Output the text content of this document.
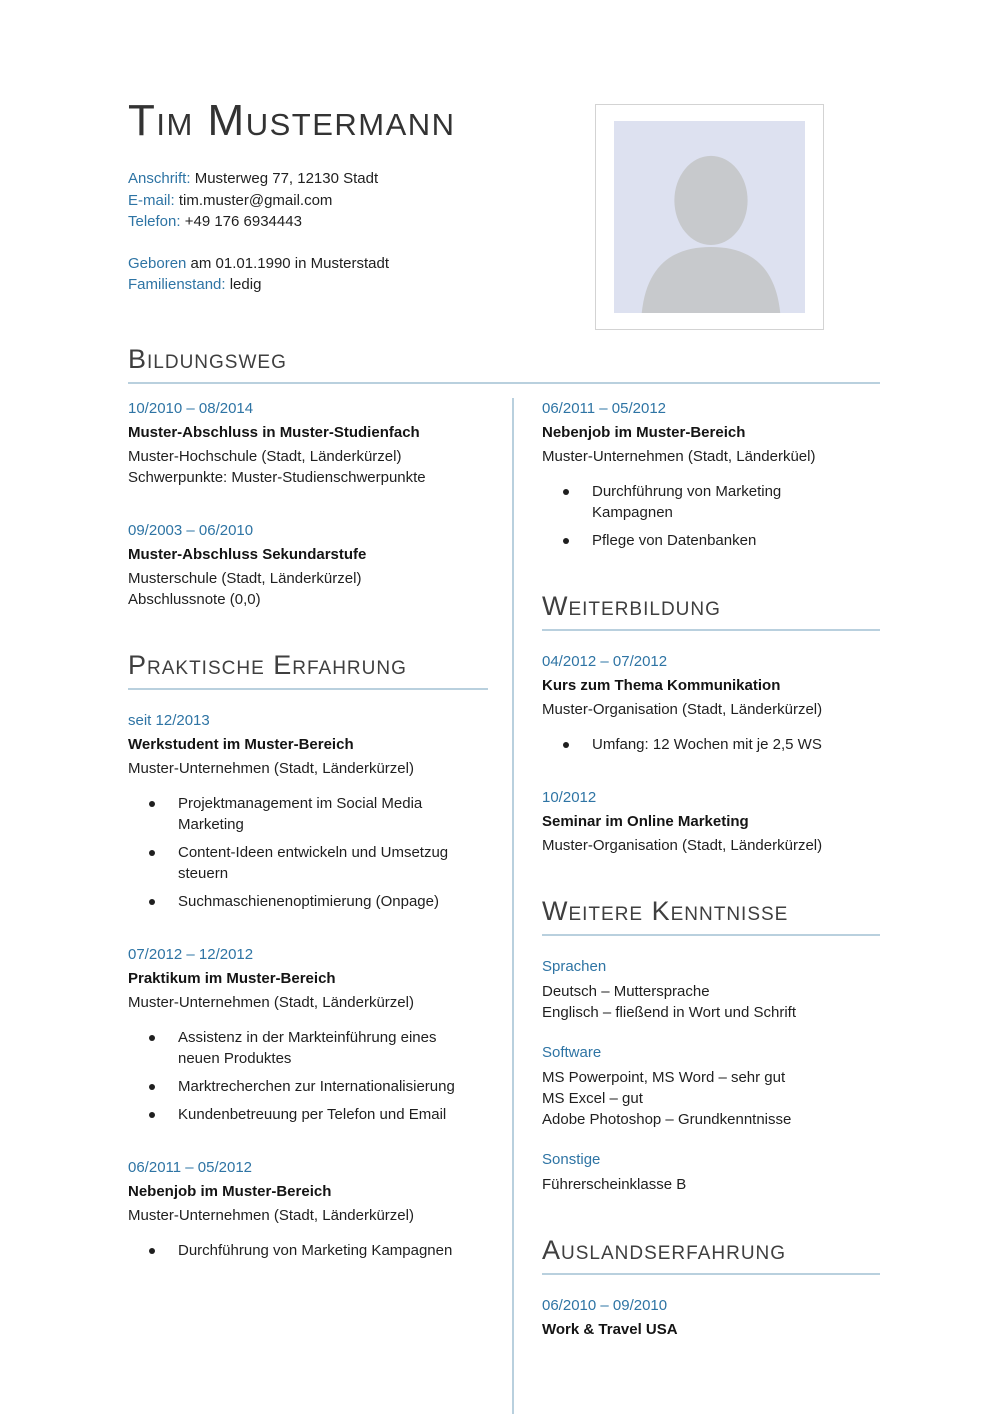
Tim Mustermann
Anschrift: Musterweg 77, 12130 Stadt
E-mail: tim.muster@gmail.com
Telefon: +49 176 6934443
Geboren am 01.01.1990 in Musterstadt
Familienstand: ledig
Bildungsweg
10/2010 – 08/2014
Muster-Abschluss in Muster-Studienfach
Muster-Hochschule (Stadt, Länderkürzel)
Schwerpunkte: Muster-Studienschwerpunkte
09/2003 – 06/2010
Muster-Abschluss Sekundarstufe
Musterschule (Stadt, Länderkürzel)
Abschlussnote (0,0)
Praktische Erfahrung
seit 12/2013
Werkstudent im Muster-Bereich
Muster-Unternehmen (Stadt, Länderkürzel)
Projektmanagement im Social Media Marketing
Content-Ideen entwickeln und Umsetzug steuern
Suchmaschienenoptimierung (Onpage)
07/2012 – 12/2012
Praktikum im Muster-Bereich
Muster-Unternehmen (Stadt, Länderkürzel)
Assistenz in der Markteinführung eines neuen Produktes
Marktrecherchen zur Internationalisierung
Kundenbetreuung per Telefon und Email
06/2011 – 05/2012
Nebenjob im Muster-Bereich
Muster-Unternehmen (Stadt, Länderkürzel)
Durchführung von Marketing Kampagnen
06/2011 – 05/2012
Nebenjob im Muster-Bereich
Muster-Unternehmen (Stadt, Länderküel)
Durchführung von Marketing Kampagnen
Pflege von Datenbanken
Weiterbildung
04/2012 – 07/2012
Kurs zum Thema Kommunikation
Muster-Organisation (Stadt, Länderkürzel)
Umfang: 12 Wochen mit je 2,5 WS
10/2012
Seminar im Online Marketing
Muster-Organisation (Stadt, Länderkürzel)
Weitere Kenntnisse
Sprachen
Deutsch – Muttersprache
Englisch – fließend in Wort und Schrift
Software
MS Powerpoint, MS Word – sehr gut
MS Excel – gut
Adobe Photoshop – Grundkenntnisse
Sonstige
Führerscheinklasse B
Auslandserfahrung
06/2010 – 09/2010
Work & Travel USA
